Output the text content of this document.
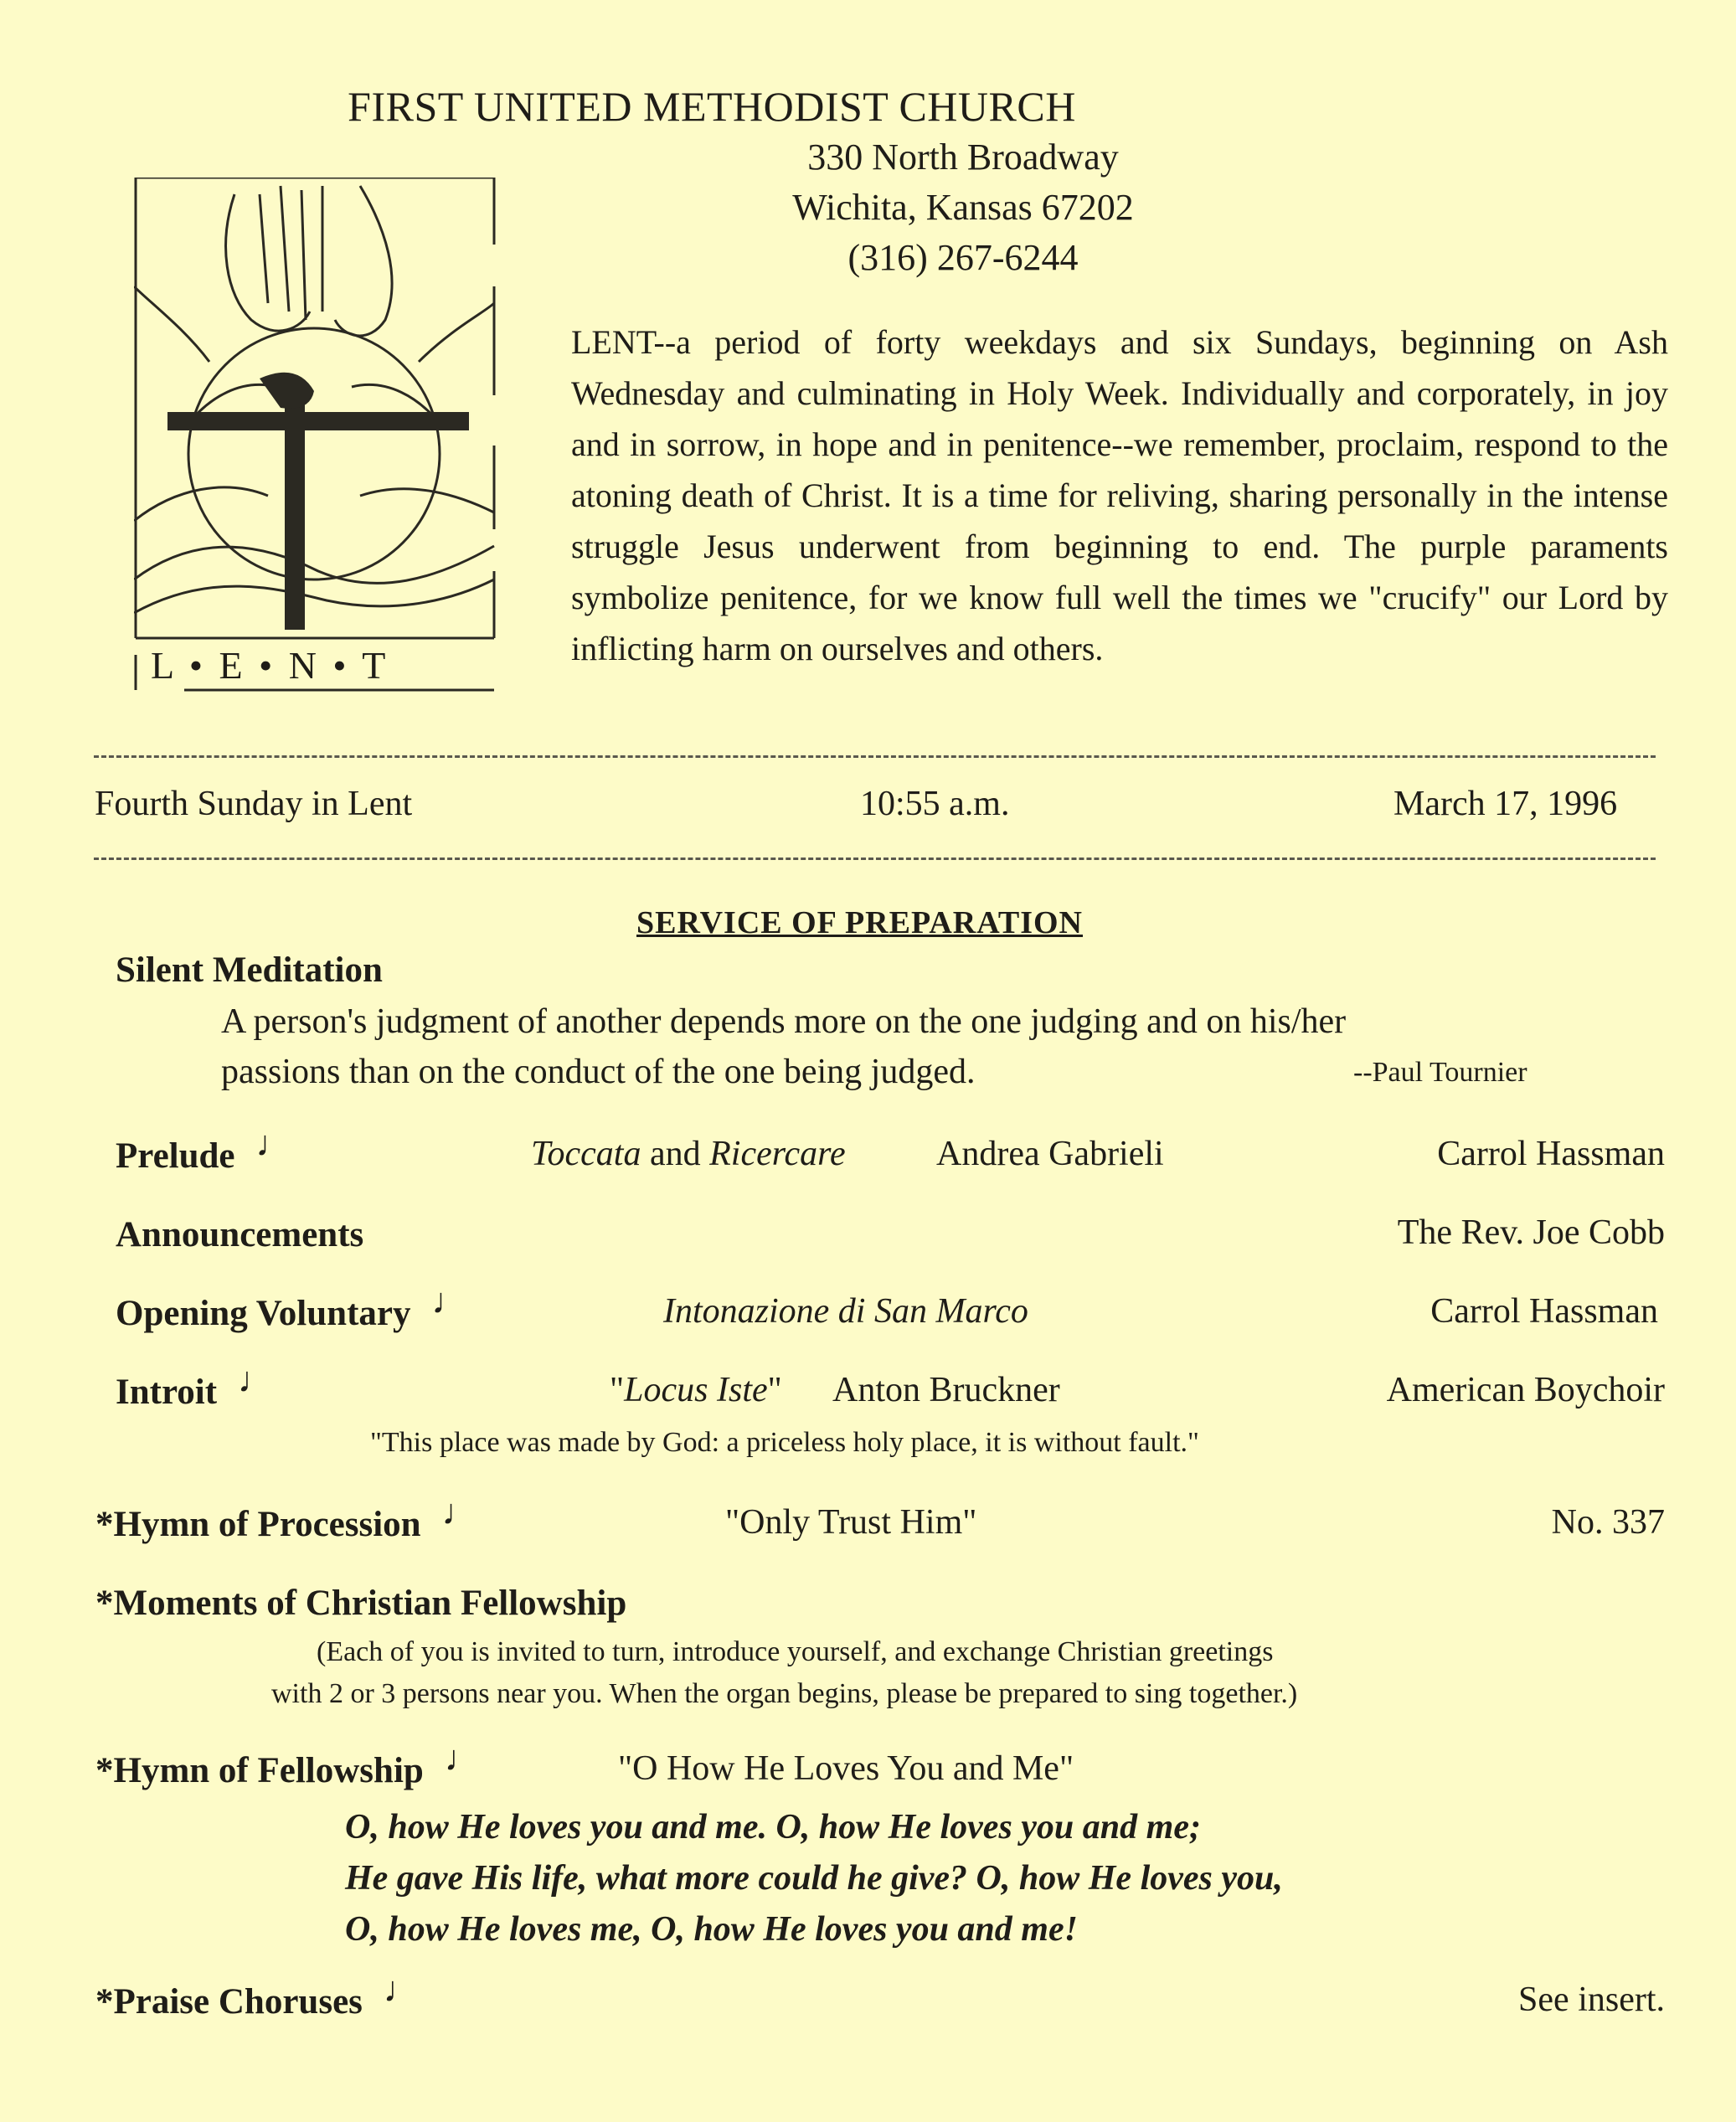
FIRST UNITED METHODIST CHURCH
330 North Broadway
Wichita, Kansas 67202
(316) 267-6244
L • E • N • T
LENT--a period of forty weekdays and six Sundays, beginning on Ash Wednesday and culminating in Holy Week. Individually and corporately, in joy and in sorrow, in hope and in penitence--we remember, proclaim, respond to the atoning death of Christ. It is a time for reliving, sharing personally in the intense struggle Jesus underwent from beginning to end. The purple paraments symbolize penitence, for we know full well the times we "crucify" our Lord by inflicting harm on ourselves and others.
Fourth Sunday in Lent	10:55 a.m.	March 17, 1996
SERVICE OF PREPARATION
Silent Meditation
A person's judgment of another depends more on the one judging and on his/her
passions than on the conduct of the one being judged.	--Paul Tournier
Prelude ♩	Toccata and Ricercare	Andrea Gabrieli	Carrol Hassman
Announcements	The Rev. Joe Cobb
Opening Voluntary ♩	Intonazione di San Marco	Carrol Hassman
Introit ♩	"Locus Iste" Anton Bruckner	American Boychoir
"This place was made by God: a priceless holy place, it is without fault."
*Hymn of Procession ♩	"Only Trust Him"	No. 337
*Moments of Christian Fellowship
(Each of you is invited to turn, introduce yourself, and exchange Christian greetings
with 2 or 3 persons near you. When the organ begins, please be prepared to sing together.)
*Hymn of Fellowship ♩	"O How He Loves You and Me"
O, how He loves you and me. O, how He loves you and me;
He gave His life, what more could he give? O, how He loves you,
O, how He loves me, O, how He loves you and me!
*Praise Choruses ♩	See insert.
